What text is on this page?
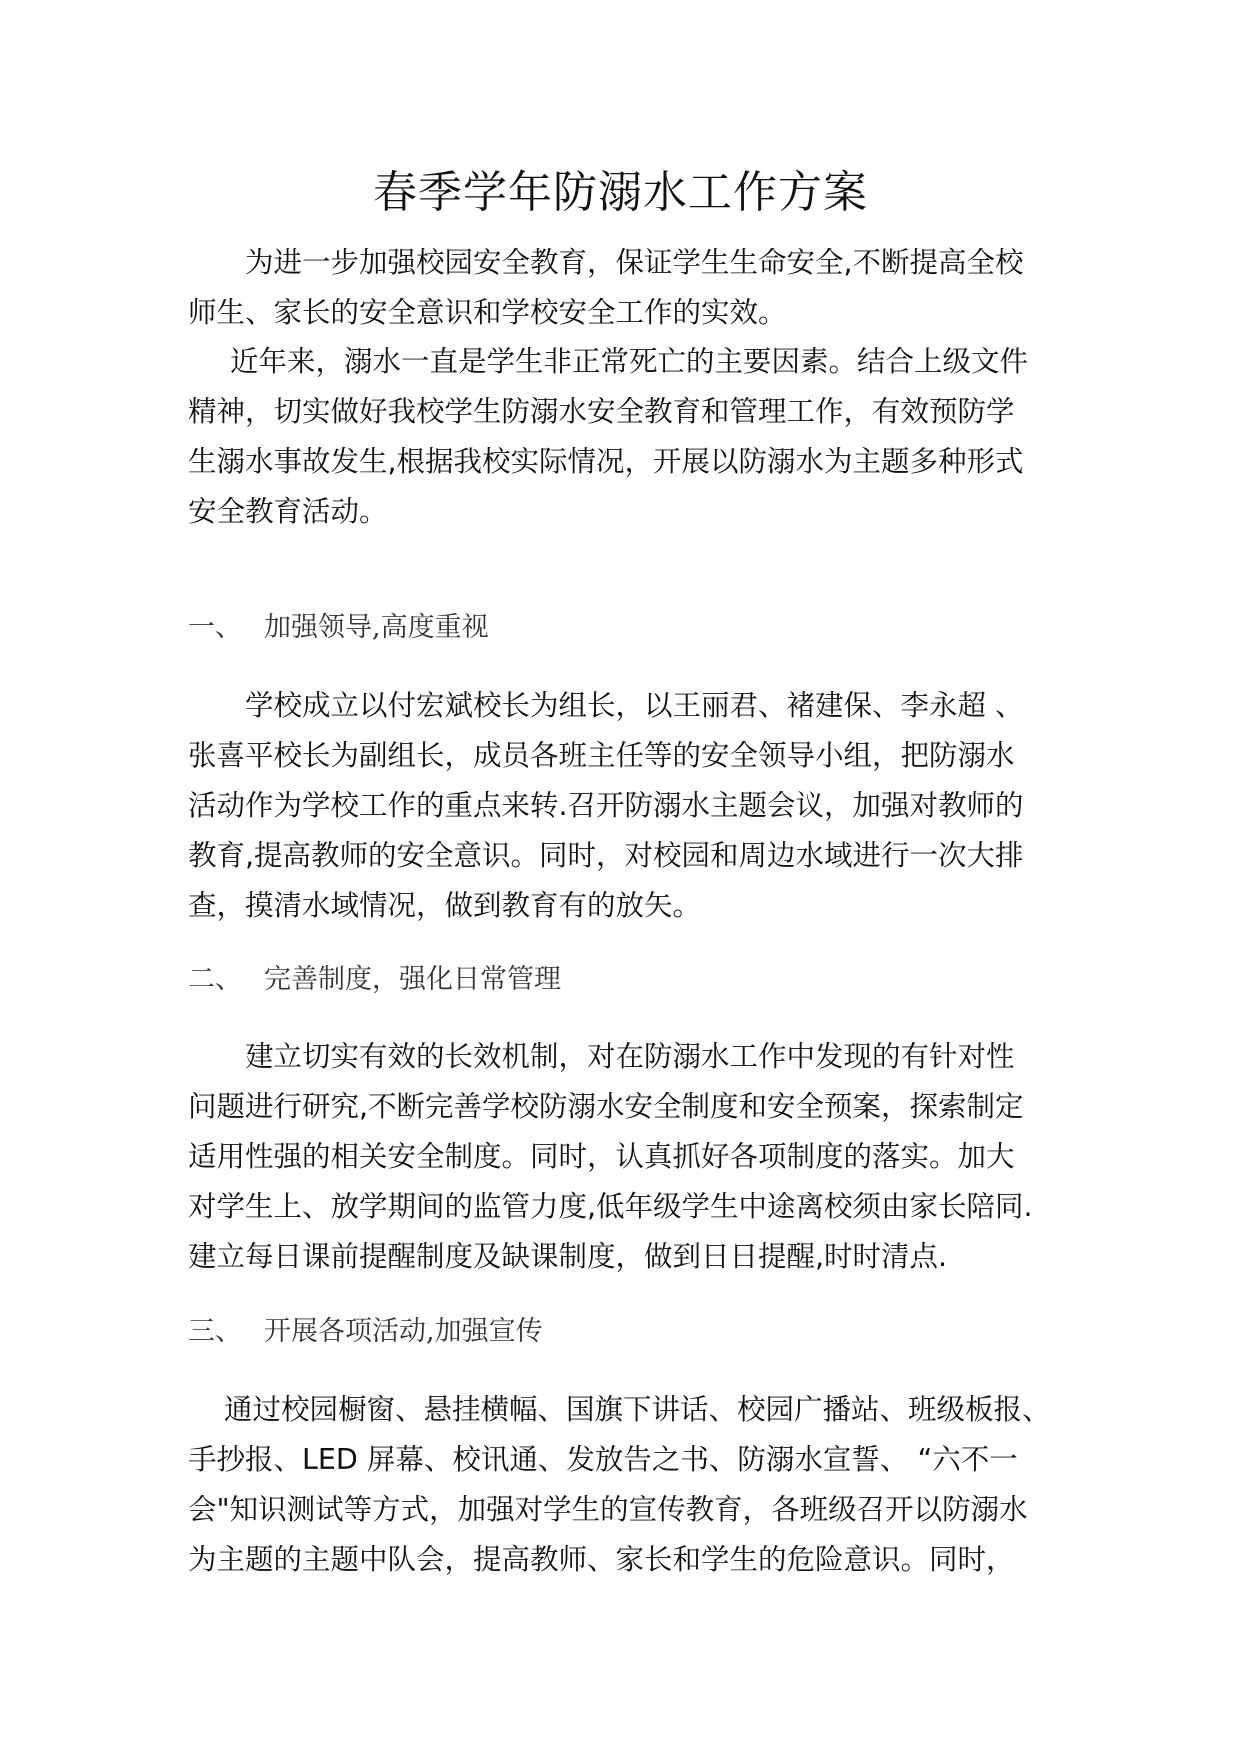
春季学年防溺水工作方案
为进一步加强校园安全教育，保证学生生命安全,不断提高全校
师生、家长的安全意识和学校安全工作的实效。
近年来，溺水一直是学生非正常死亡的主要因素。结合上级文件
精神，切实做好我校学生防溺水安全教育和管理工作，有效预防学
生溺水事故发生,根据我校实际情况，开展以防溺水为主题多种形式
安全教育活动。
一、 加强领导,高度重视
学校成立以付宏斌校长为组长，以王丽君、褚建保、李永超 、
张喜平校长为副组长，成员各班主任等的安全领导小组，把防溺水
活动作为学校工作的重点来转.召开防溺水主题会议，加强对教师的
教育,提高教师的安全意识。同时，对校园和周边水域进行一次大排
查，摸清水域情况，做到教育有的放矢。
二、 完善制度，强化日常管理
建立切实有效的长效机制，对在防溺水工作中发现的有针对性
问题进行研究,不断完善学校防溺水安全制度和安全预案，探索制定
适用性强的相关安全制度。同时，认真抓好各项制度的落实。加大
对学生上、放学期间的监管力度,低年级学生中途离校须由家长陪同.
建立每日课前提醒制度及缺课制度，做到日日提醒,时时清点.
三、 开展各项活动,加强宣传
通过校园橱窗、悬挂横幅、国旗下讲话、校园广播站、班级板报、
手抄报、LED 屏幕、校讯通、发放告之书、防溺水宣誓、 “六不一
会"知识测试等方式，加强对学生的宣传教育，各班级召开以防溺水
为主题的主题中队会，提高教师、家长和学生的危险意识。同时，
